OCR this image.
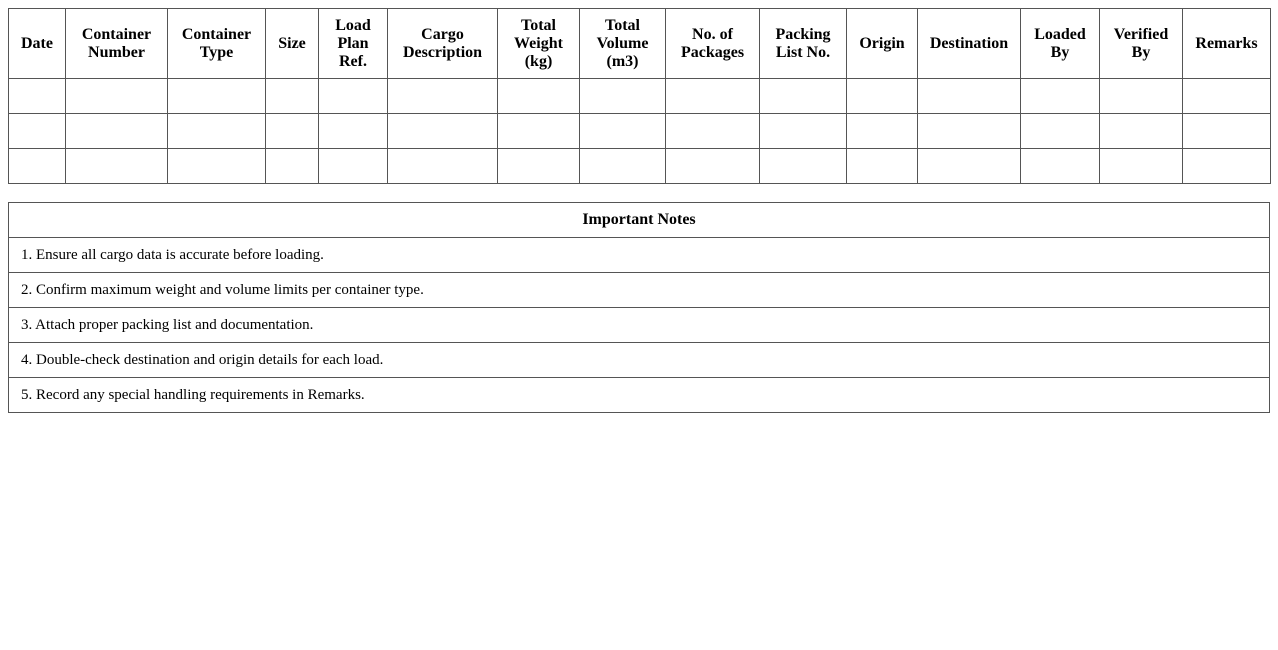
Date	Container Number	Container Type	Size	Load Plan Ref.	Cargo Description	Total Weight (kg)	Total Volume (m3)	No. of Packages	Packing List No.	Origin	Destination	Loaded By	Verified By	Remarks

Important Notes
1. Ensure all cargo data is accurate before loading.
2. Confirm maximum weight and volume limits per container type.
3. Attach proper packing list and documentation.
4. Double-check destination and origin details for each load.
5. Record any special handling requirements in Remarks.
